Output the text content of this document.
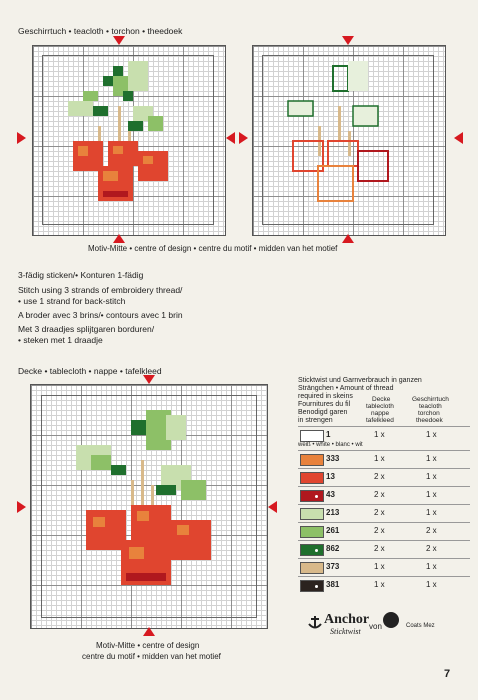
Geschirrtuch • teacloth • torchon • theedoek
Motiv-Mitte • centre of design • centre du motif • midden van het motief
3-fädig sticken/• Konturen 1-fädig
Stitch using 3 strands of embroidery thread/
• use 1 strand for back-stitch
A broder avec 3 brins/• contours avec 1 brin
Met 3 draadjes splijtgaren borduren/
• steken met 1 draadje
Decke • tablecloth • nappe • tafelkleed
Motiv-Mitte • centre of design
centre du motif • midden van het motief
Sticktwist und Garnverbrauch in ganzen
Strängchen • Amount of thread
required in skeins
Fournitures du fil
Benodigd garen
in strengen
Decke
tablecloth
nappe
tafelkleed
Geschirrtuch
teacloth
torchon
theedoek
1	1 x	1 x
weiß • white • blanc • wit
333	1 x	1 x
13	2 x	1 x
43	2 x	1 x
213	2 x	1 x
261	2 x	2 x
862	2 x	2 x
373	1 x	1 x
381	1 x	1 x
Anchor
Sticktwist
von	Coats Mez
7
